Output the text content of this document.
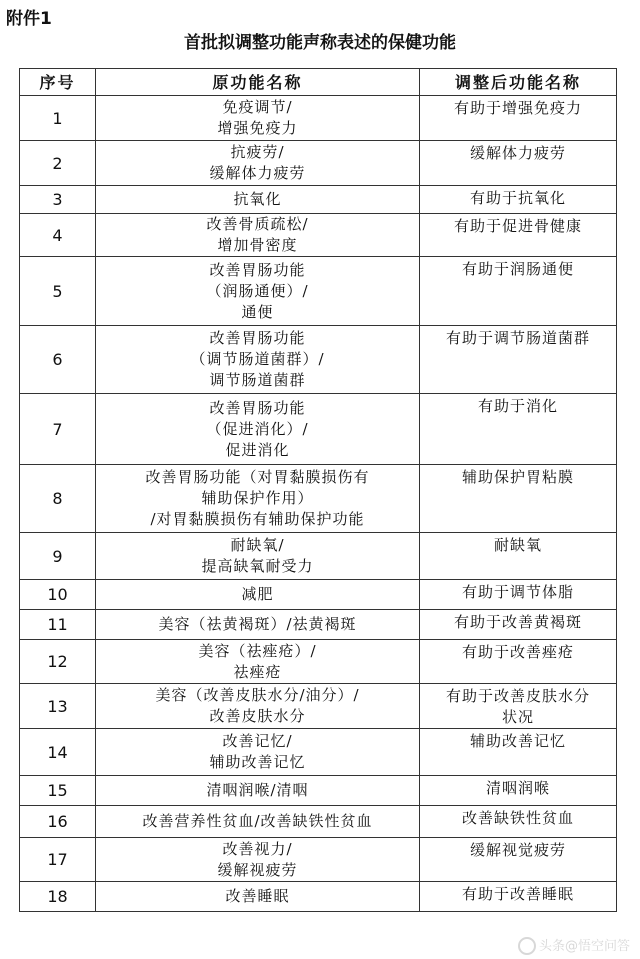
附件1
首批拟调整功能声称表述的保健功能
序号	原功能名称	调整后功能名称
1	免疫调节/
增强免疫力	有助于增强免疫力

2	抗疲劳/
缓解体力疲劳	缓解体力疲劳

3	抗氧化	有助于抗氧化

4	改善骨质疏松/
增加骨密度	有助于促进骨健康

5	改善胃肠功能
（润肠通便）/
通便	有助于润肠通便

6	改善胃肠功能
（调节肠道菌群）/
调节肠道菌群	有助于调节肠道菌群

7	改善胃肠功能
（促进消化）/
促进消化	有助于消化

8	改善胃肠功能（对胃黏膜损伤有
辅助保护作用）
/对胃黏膜损伤有辅助保护功能	辅助保护胃粘膜

9	耐缺氧/
提高缺氧耐受力	耐缺氧

10	减肥	有助于调节体脂

11	美容（祛黄褐斑）/祛黄褐斑	有助于改善黄褐斑

12	美容（祛痤疮）/
祛痤疮	有助于改善痤疮

13	美容（改善皮肤水分/油分）/
改善皮肤水分	有助于改善皮肤水分
状况

14	改善记忆/
辅助改善记忆	辅助改善记忆

15	清咽润喉/清咽	清咽润喉

16	改善营养性贫血/改善缺铁性贫血	改善缺铁性贫血

17	改善视力/
缓解视疲劳	缓解视觉疲劳

18	改善睡眠	有助于改善睡眠
头条@悟空问答
